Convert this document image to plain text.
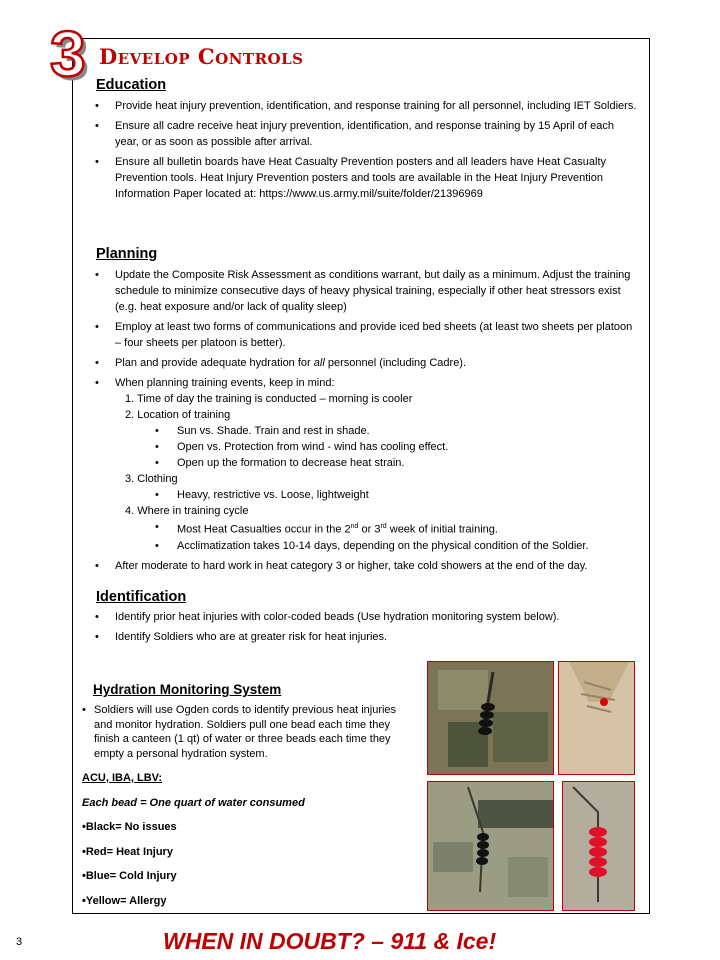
3 Develop Controls
Education
• Provide heat injury prevention, identification, and response training for all personnel, including IET Soldiers.
• Ensure all cadre receive heat injury prevention, identification, and response training by 15 April of each year, or as soon as possible after arrival.
• Ensure all bulletin boards have Heat Casualty Prevention posters and all leaders have Heat Casualty Prevention tools. Heat Injury Prevention posters and tools are available in the Heat Injury Prevention Information Paper located at: https://www.us.army.mil/suite/folder/21396969
Planning
• Update the Composite Risk Assessment as conditions warrant, but daily as a minimum. Adjust the training schedule to minimize consecutive days of heavy physical training, especially if other heat stressors exist (e.g. heat exposure and/or lack of quality sleep)
• Employ at least two forms of communications and provide iced bed sheets (at least two sheets per platoon – four sheets per platoon is better).
• Plan and provide adequate hydration for all personnel (including Cadre).
• When planning training events, keep in mind:
1. Time of day the training is conducted – morning is cooler
2. Location of training
• Sun vs. Shade. Train and rest in shade.
• Open vs. Protection from wind - wind has cooling effect.
• Open up the formation to decrease heat strain.
3. Clothing
• Heavy, restrictive vs. Loose, lightweight
4. Where in training cycle
• Most Heat Casualties occur in the 2nd or 3rd week of initial training.
• Acclimatization takes 10-14 days, depending on the physical condition of the Soldier.
• After moderate to hard work in heat category 3 or higher, take cold showers at the end of the day.
Identification
• Identify prior heat injuries with color-coded beads (Use hydration monitoring system below).
• Identify Soldiers who are at greater risk for heat injuries.
Hydration Monitoring System
• Soldiers will use Ogden cords to identify previous heat injuries and monitor hydration. Soldiers pull one bead each time they finish a canteen (1 qt) of water or three beads each time they empty a personal hydration system.

ACU, IBA, LBV:

Each bead = One quart of water consumed

•Black= No issues

•Red= Heat Injury

•Blue= Cold Injury

•Yellow= Allergy

3	WHEN IN DOUBT? – 911 & Ice!
